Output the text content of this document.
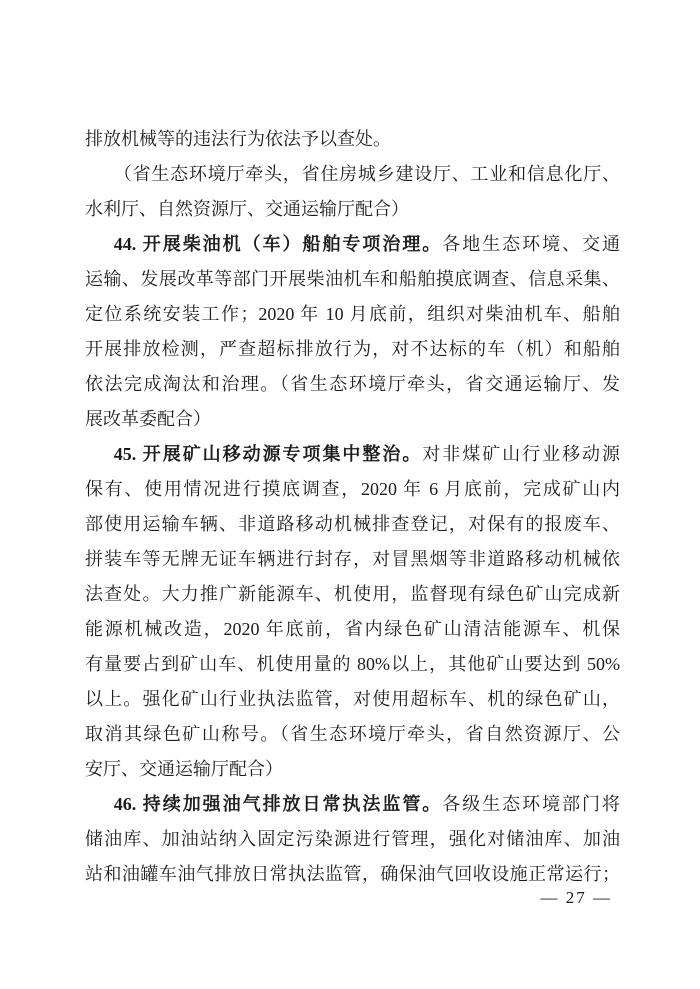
排放机械等的违法行为依法予以查处。
（省生态环境厅牵头，省住房城乡建设厅、工业和信息化厅、
水利厅、自然资源厅、交通运输厅配合）
44. 开展柴油机（车）船舶专项治理。各地生态环境、交通
运输、发展改革等部门开展柴油机车和船舶摸底调查、信息采集、
定位系统安装工作；2020 年 10 月底前，组织对柴油机车、船舶
开展排放检测，严查超标排放行为，对不达标的车（机）和船舶
依法完成淘汰和治理。（省生态环境厅牵头，省交通运输厅、发
展改革委配合）
45. 开展矿山移动源专项集中整治。对非煤矿山行业移动源
保有、使用情况进行摸底调查，2020 年 6 月底前，完成矿山内
部使用运输车辆、非道路移动机械排查登记，对保有的报废车、
拼装车等无牌无证车辆进行封存，对冒黑烟等非道路移动机械依
法查处。大力推广新能源车、机使用，监督现有绿色矿山完成新
能源机械改造，2020 年底前，省内绿色矿山清洁能源车、机保
有量要占到矿山车、机使用量的 80%以上，其他矿山要达到 50%
以上。强化矿山行业执法监管，对使用超标车、机的绿色矿山，
取消其绿色矿山称号。（省生态环境厅牵头，省自然资源厅、公
安厅、交通运输厅配合）
46. 持续加强油气排放日常执法监管。各级生态环境部门将
储油库、加油站纳入固定污染源进行管理，强化对储油库、加油
站和油罐车油气排放日常执法监管，确保油气回收设施正常运行；
— 27 —
